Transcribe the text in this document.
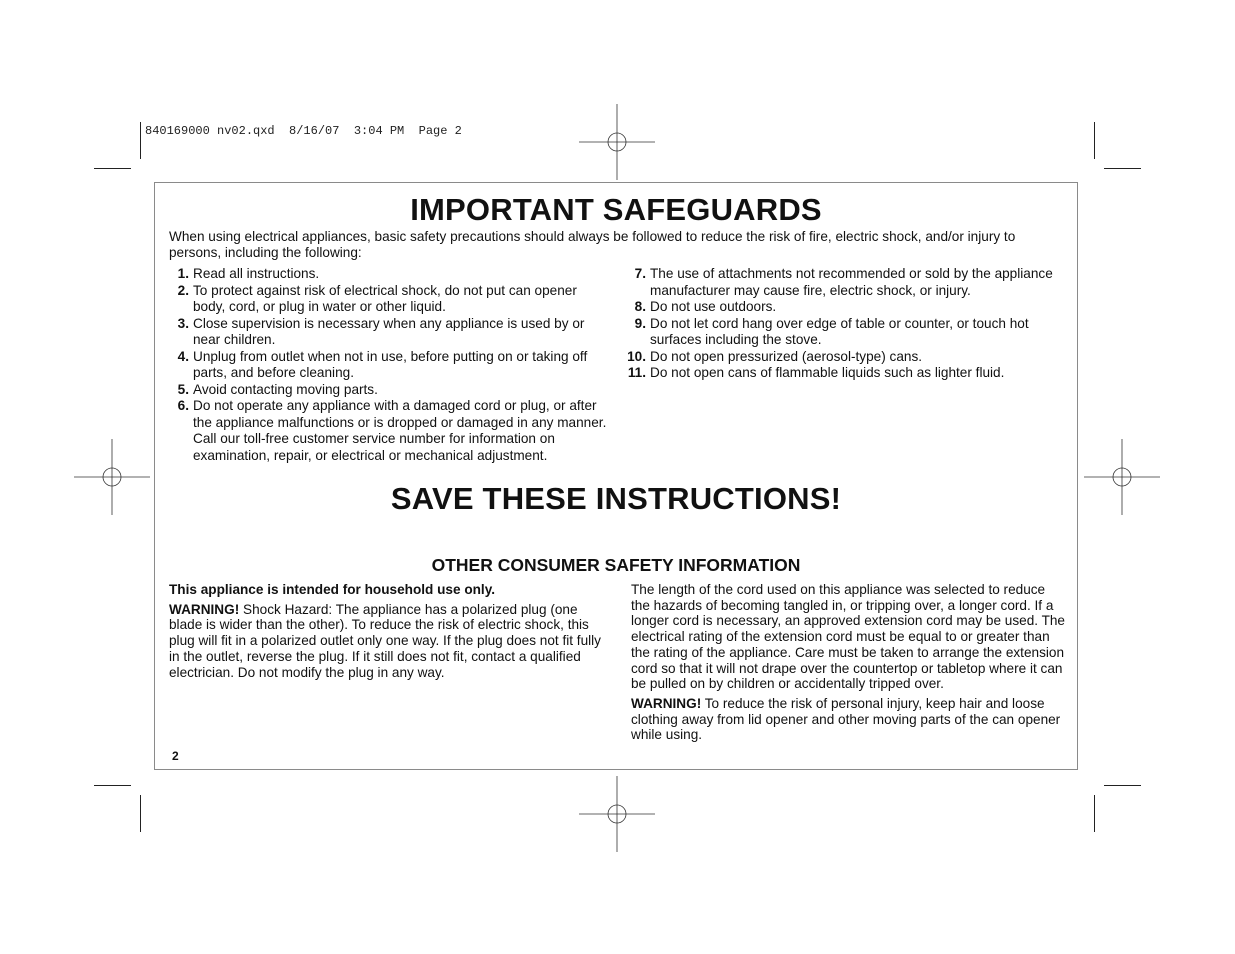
840169000 nv02.qxd  8/16/07  3:04 PM  Page 2
IMPORTANT SAFEGUARDS
When using electrical appliances, basic safety precautions should always be followed to reduce the risk of fire, electric shock, and/or injury to persons, including the following:
1. Read all instructions.
2. To protect against risk of electrical shock, do not put can opener body, cord, or plug in water or other liquid.
3. Close supervision is necessary when any appliance is used by or near children.
4. Unplug from outlet when not in use, before putting on or taking off parts, and before cleaning.
5. Avoid contacting moving parts.
6. Do not operate any appliance with a damaged cord or plug, or after the appliance malfunctions or is dropped or damaged in any manner. Call our toll-free customer service number for information on examination, repair, or electrical or mechanical adjustment.
7. The use of attachments not recommended or sold by the appliance manufacturer may cause fire, electric shock, or injury.
8. Do not use outdoors.
9. Do not let cord hang over edge of table or counter, or touch hot surfaces including the stove.
10. Do not open pressurized (aerosol-type) cans.
11. Do not open cans of flammable liquids such as lighter fluid.
SAVE THESE INSTRUCTIONS!
OTHER CONSUMER SAFETY INFORMATION

This appliance is intended for household use only.

WARNING! Shock Hazard: The appliance has a polarized plug (one blade is wider than the other). To reduce the risk of electric shock, this plug will fit in a polarized outlet only one way. If the plug does not fit fully in the outlet, reverse the plug. If it still does not fit, contact a qualified electrician. Do not modify the plug in any way.

The length of the cord used on this appliance was selected to reduce the hazards of becoming tangled in, or tripping over, a longer cord. If a longer cord is necessary, an approved extension cord may be used. The electrical rating of the extension cord must be equal to or greater than the rating of the appliance. Care must be taken to arrange the extension cord so that it will not drape over the countertop or tabletop where it can be pulled on by children or accidentally tripped over.

WARNING! To reduce the risk of personal injury, keep hair and loose clothing away from lid opener and other moving parts of the can opener while using.

2
